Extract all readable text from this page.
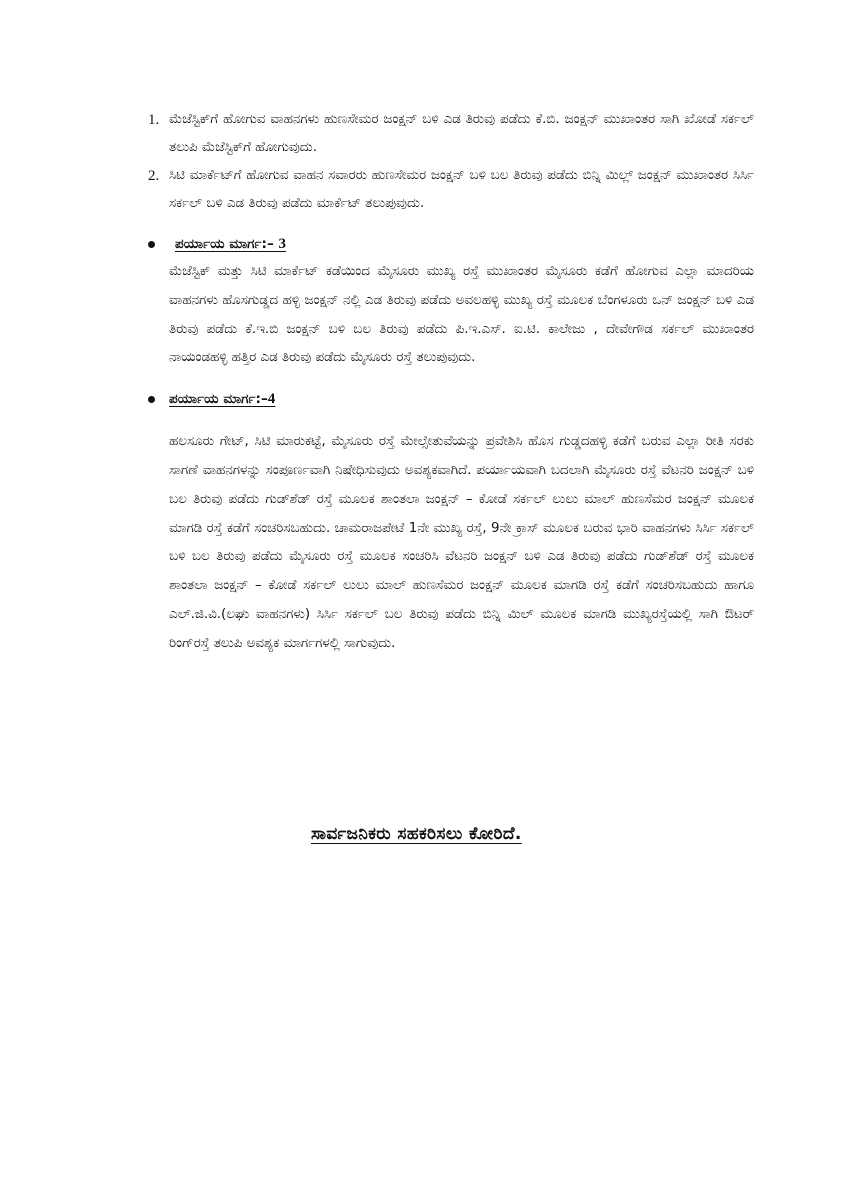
1. ಮೆಜೆಸ್ಟಿಕ್‌ಗೆ ಹೋಗುವ ವಾಹನಗಳು ಹುಣಸೇಮರ ಜಂಕ್ಷನ್ ಬಳಿ ಎಡ ತಿರುವು ಪಡೆದು ಕೆ.ಬಿ. ಜಂಕ್ಷನ್ ಮುಖಾಂತರ ಸಾಗಿ ಖೋಡೆ ಸರ್ಕಲ್ ತಲುಪಿ ಮೆಜೆಸ್ಟಿಕ್‌ಗೆ ಹೋಗುವುದು.
2. ಸಿಟಿ ಮಾರ್ಕೆಟ್‌ಗೆ ಹೋಗುವ ವಾಹನ ಸವಾರರು ಹುಣಸೇಮರ ಜಂಕ್ಷನ್ ಬಳಿ ಬಲ ತಿರುವು ಪಡೆದು ಬಿನ್ನಿ ಮಿಲ್ಲ್ ಜಂಕ್ಷನ್ ಮುಖಾಂತರ ಸಿರ್ಸಿ ಸರ್ಕಲ್ ಬಳಿ ಎಡ ತಿರುವು ಪಡೆದು ಮಾರ್ಕೆಟ್ ತಲುಪುವುದು.
ಪರ್ಯಾಯ ಮಾರ್ಗ:– 3
ಮೆಜೆಸ್ಟಿಕ್ ಮತ್ತು ಸಿಟಿ ಮಾರ್ಕೆಟ್ ಕಡೆಯಿಂದ ಮೈಸೂರು ಮುಖ್ಯ ರಸ್ತೆ ಮುಖಾಂತರ ಮೈಸೂರು ಕಡೆಗೆ ಹೋಗುವ ಎಲ್ಲಾ ಮಾದರಿಯ ವಾಹನಗಳು ಹೊಸಗುಡ್ಡದ ಹಳ್ಳಿ ಜಂಕ್ಷನ್ ನಲ್ಲಿ ಎಡ ತಿರುವು ಪಡೆದು ಅವಲಹಳ್ಳಿ ಮುಖ್ಯ ರಸ್ತೆ ಮೂಲಕ ಬೆಂಗಳೂರು ಒನ್ ಜಂಕ್ಷನ್ ಬಳಿ ಎಡ ತಿರುವು ಪಡೆದು ಕೆ.ಇ.ಬಿ ಜಂಕ್ಷನ್ ಬಳಿ ಬಲ ತಿರುವು ಪಡೆದು ಪಿ.ಇ.ಎಸ್. ಐ.ಟಿ. ಕಾಲೇಜು , ದೇವೇಗೌಡ ಸರ್ಕಲ್ ಮುಖಾಂತರ ನಾಯಂಡಹಳ್ಳಿ ಹತ್ತಿರ ಎಡ ತಿರುವು ಪಡೆದು ಮೈಸೂರು ರಸ್ತೆ ತಲುಪುವುದು.
ಪರ್ಯಾಯ ಮಾರ್ಗ:–4
ಹಲಸೂರು ಗೇಟ್, ಸಿಟಿ ಮಾರುಕಟ್ಟೆ, ಮೈಸೂರು ರಸ್ತೆ ಮೇಲ್ಸೇತುವೆಯನ್ನು ಪ್ರವೇಶಿಸಿ ಹೊಸ ಗುಡ್ಡದಹಳ್ಳಿ ಕಡೆಗೆ ಬರುವ ಎಲ್ಲಾ ರೀತಿ ಸರಕು ಸಾಗಣೆ ವಾಹನಗಳನ್ನು ಸಂಪೂರ್ಣವಾಗಿ ನಿಷೇಧಿಸುವುದು ಅವಶ್ಯಕವಾಗಿದೆ. ಪರ್ಯಾಯವಾಗಿ ಬದಲಾಗಿ ಮೈಸೂರು ರಸ್ತೆ ವೆಟನರಿ ಜಂಕ್ಷನ್ ಬಳಿ ಬಲ ತಿರುವು ಪಡೆದು ಗುಡ್‌ಶೆಡ್ ರಸ್ತೆ ಮೂಲಕ ಶಾಂತಲಾ ಜಂಕ್ಷನ್ – ಕೋಡೆ ಸರ್ಕಲ್ ಲುಲು ಮಾಲ್ ಹುಣಸೆಮರ ಜಂಕ್ಷನ್ ಮೂಲಕ ಮಾಗಡಿ ರಸ್ತೆ ಕಡೆಗೆ ಸಂಚರಿಸಬಹುದು. ಚಾಮರಾಜಪೇಟೆ 1ನೇ ಮುಖ್ಯ ರಸ್ತೆ, 9ನೇ ಕ್ರಾಸ್ ಮೂಲಕ ಬರುವ ಭಾರಿ ವಾಹನಗಳು ಸಿರ್ಸಿ ಸರ್ಕಲ್ ಬಳಿ ಬಲ ತಿರುವು ಪಡೆದು ಮೈಸೂರು ರಸ್ತೆ ಮೂಲಕ ಸಂಚರಿಸಿ ವೆಟನರಿ ಜಂಕ್ಷನ್ ಬಳಿ ಎಡ ತಿರುವು ಪಡೆದು ಗುಡ್‌ಶೆಡ್ ರಸ್ತೆ ಮೂಲಕ ಶಾಂತಲಾ ಜಂಕ್ಷನ್ – ಕೋಡೆ ಸರ್ಕಲ್ ಲುಲು ಮಾಲ್ ಹುಣಸೆಮರ ಜಂಕ್ಷನ್ ಮೂಲಕ ಮಾಗಡಿ ರಸ್ತೆ ಕಡೆಗೆ ಸಂಚರಿಸಬಹುದು ಹಾಗೂ ಎಲ್.ಜಿ.ವಿ.(ಲಘು ವಾಹನಗಳು) ಸಿರ್ಸಿ ಸರ್ಕಲ್ ಬಲ ತಿರುವು ಪಡೆದು ಬಿನ್ನಿ ಮಿಲ್ ಮೂಲಕ ಮಾಗಡಿ ಮುಖ್ಯರಸ್ತೆಯಲ್ಲಿ ಸಾಗಿ ಔಟರ್ ರಿಂಗ್‌ರಸ್ತೆ ತಲುಪಿ ಅವಶ್ಯಕ ಮಾರ್ಗಗಳಲ್ಲಿ ಸಾಗುವುದು.
ಸಾರ್ವಜನಿಕರು ಸಹಕರಿಸಲು ಕೋರಿದೆ.
